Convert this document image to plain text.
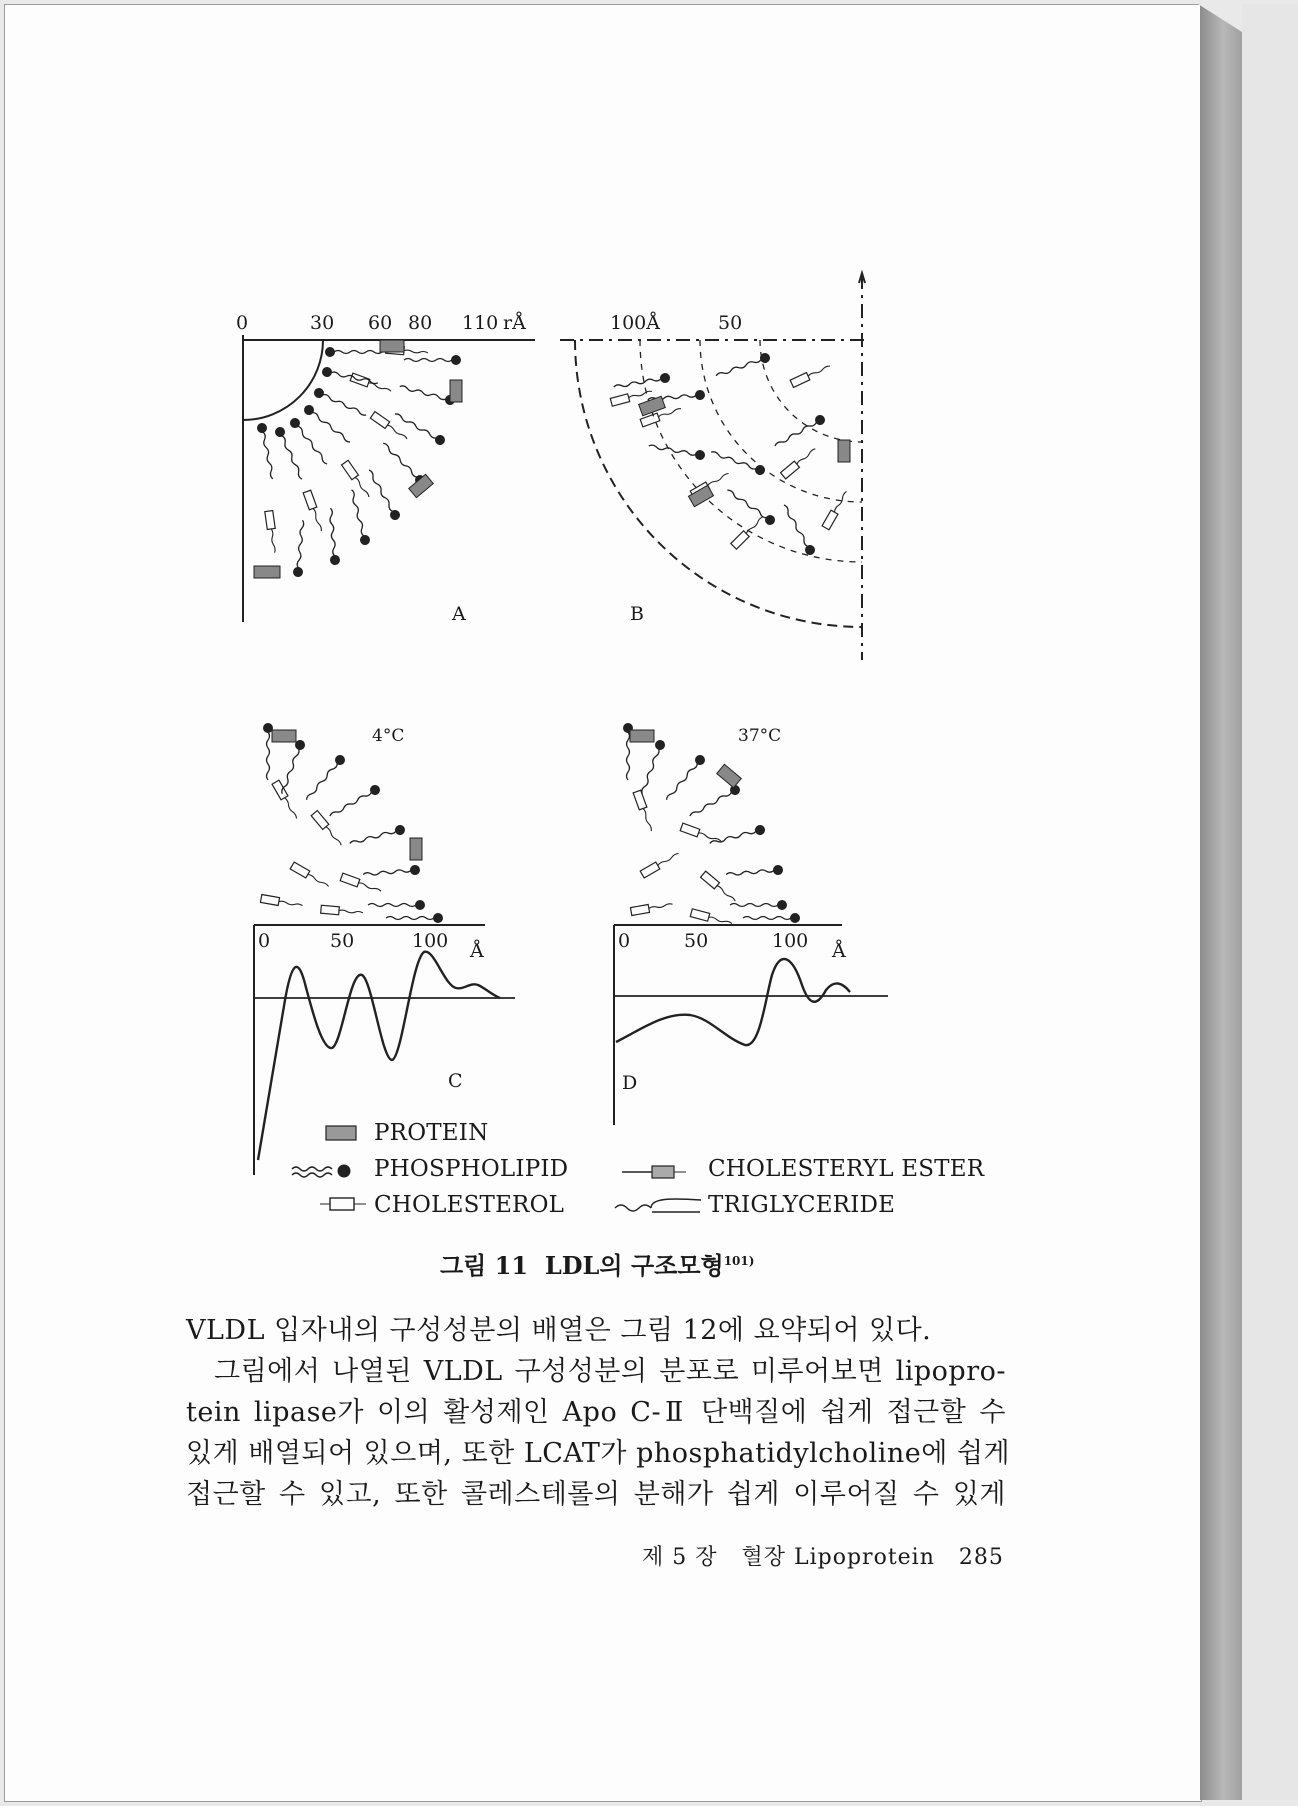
0	30 60 80 110 rÅ
A
100Å	50
B
4°C
0	50	100 Å
C
37°C
0	50	100 Å
D
PROTEIN
PHOSPHOLIPID
CHOLESTEROL
CHOLESTERYL ESTER
TRIGLYCERIDE
그림 11 LDL의 구조모형$^{101)}$
VLDL 입자내의 구성성분의 배열은 그림 12에 요약되어 있다.
그림에서 나열된 VLDL 구성성분의 분포로 미루어보면 lipopro-
tein lipase가 이의 활성제인 Apo C-Ⅱ 단백질에 쉽게 접근할 수
있게 배열되어 있으며, 또한 LCAT가 phosphatidylcholine에 쉽게
접근할 수 있고, 또한 콜레스테롤의 분해가 쉽게 이루어질 수 있게
제 5 장 혈장 Lipoprotein 285
